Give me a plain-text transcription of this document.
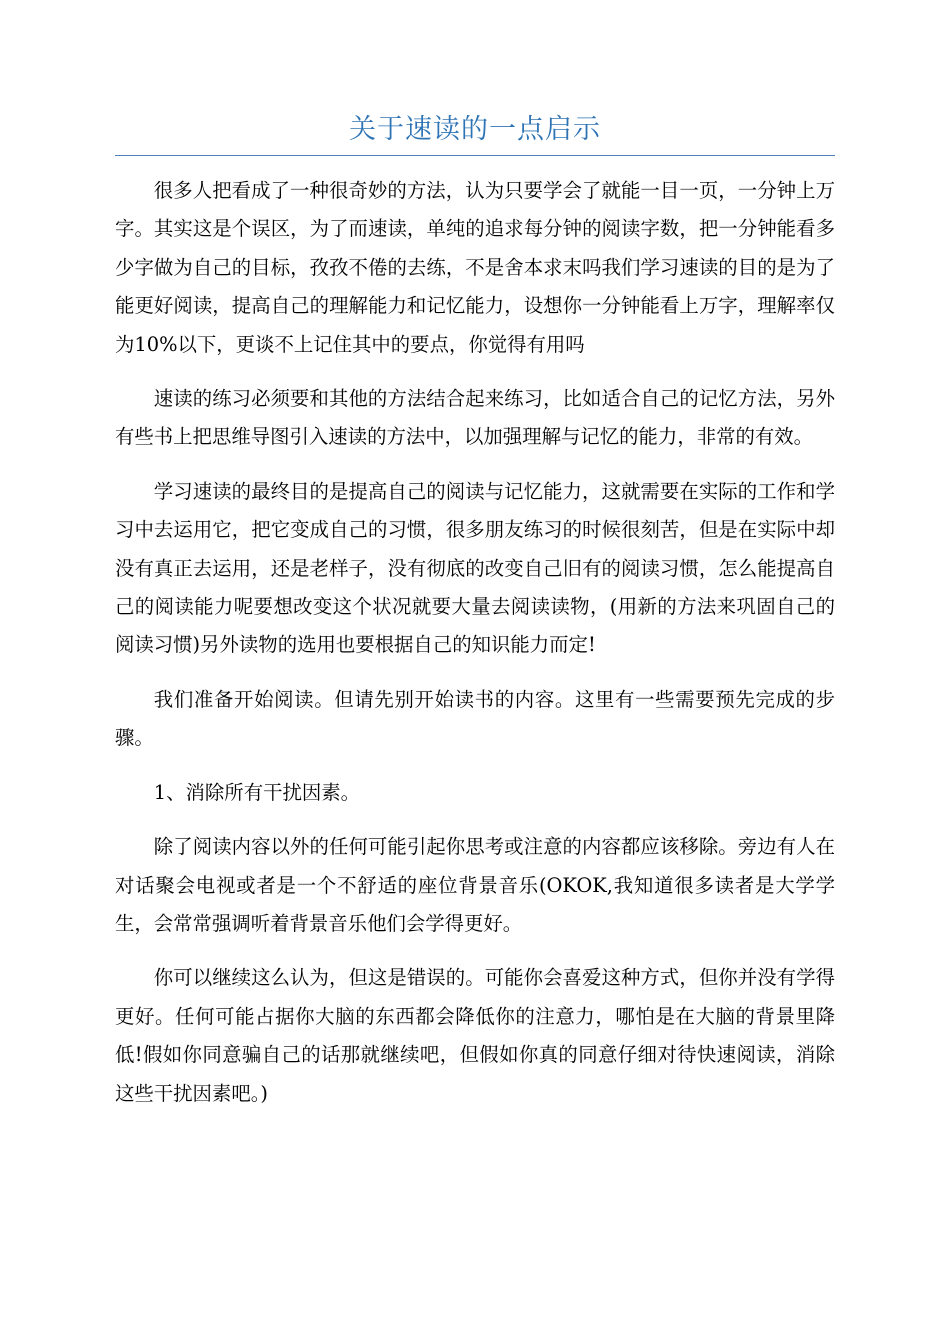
关于速读的一点启示

很多人把看成了一种很奇妙的方法，认为只要学会了就能一目一页，一分钟上万字。其实这是个误区，为了而速读，单纯的追求每分钟的阅读字数，把一分钟能看多少字做为自己的目标，孜孜不倦的去练，不是舍本求末吗我们学习速读的目的是为了能更好阅读，提高自己的理解能力和记忆能力，设想你一分钟能看上万字，理解率仅为10%以下，更谈不上记住其中的要点，你觉得有用吗

速读的练习必须要和其他的方法结合起来练习，比如适合自己的记忆方法，另外有些书上把思维导图引入速读的方法中，以加强理解与记忆的能力，非常的有效。

学习速读的最终目的是提高自己的阅读与记忆能力，这就需要在实际的工作和学习中去运用它，把它变成自己的习惯，很多朋友练习的时候很刻苦，但是在实际中却没有真正去运用，还是老样子，没有彻底的改变自己旧有的阅读习惯，怎么能提高自己的阅读能力呢要想改变这个状况就要大量去阅读读物，(用新的方法来巩固自己的阅读习惯)另外读物的选用也要根据自己的知识能力而定!

我们准备开始阅读。但请先别开始读书的内容。这里有一些需要预先完成的步骤。

1、消除所有干扰因素。

除了阅读内容以外的任何可能引起你思考或注意的内容都应该移除。旁边有人在对话聚会电视或者是一个不舒适的座位背景音乐(OKOK,我知道很多读者是大学学生，会常常强调听着背景音乐他们会学得更好。

你可以继续这么认为，但这是错误的。可能你会喜爱这种方式，但你并没有学得更好。任何可能占据你大脑的东西都会降低你的注意力，哪怕是在大脑的背景里降低!假如你同意骗自己的话那就继续吧，但假如你真的同意仔细对待快速阅读，消除这些干扰因素吧。)
